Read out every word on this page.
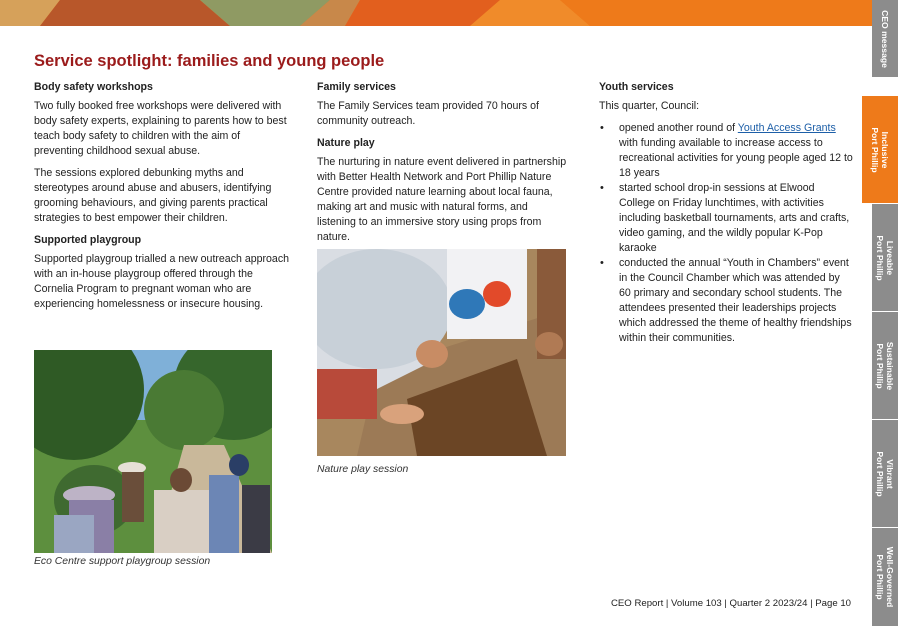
Service spotlight: families and young people
Body safety workshops
Two fully booked free workshops were delivered with body safety experts, explaining to parents how to best teach body safety to children with the aim of preventing childhood sexual abuse.
The sessions explored debunking myths and stereotypes around abuse and abusers, identifying grooming behaviours, and giving parents practical strategies to best empower their children.
Supported playgroup
Supported playgroup trialled a new outreach approach with an in-house playgroup offered through the Cornelia Program to pregnant woman who are experiencing homelessness or insecure housing.
Eco Centre support playgroup session
Family services
The Family Services team provided 70 hours of community outreach.
Nature play
The nurturing in nature event delivered in partnership with Better Health Network and Port Phillip Nature Centre provided nature learning about local fauna, making art and music with natural forms, and listening to an immersive story using props from nature.
Nature play session
Youth services
This quarter, Council:
• opened another round of Youth Access Grants with funding available to increase access to recreational activities for young people aged 12 to 18 years
• started school drop-in sessions at Elwood College on Friday lunchtimes, with activities including basketball tournaments, arts and crafts, video gaming, and the wildly popular K-Pop karaoke
• conducted the annual “Youth in Chambers” event in the Council Chamber which was attended by 60 primary and secondary school students. The attendees presented their leaderships projects which addressed the theme of healthy friendships within their communities.
CEO Report | Volume 103 | Quarter 2 2023/24 | Page 10
CEO message
Inclusive
Port Phillip
Liveable
Port Phillip
Sustainable
Port Phillip
Vibrant
Port Phillip
Well-Governed
Port Phillip
